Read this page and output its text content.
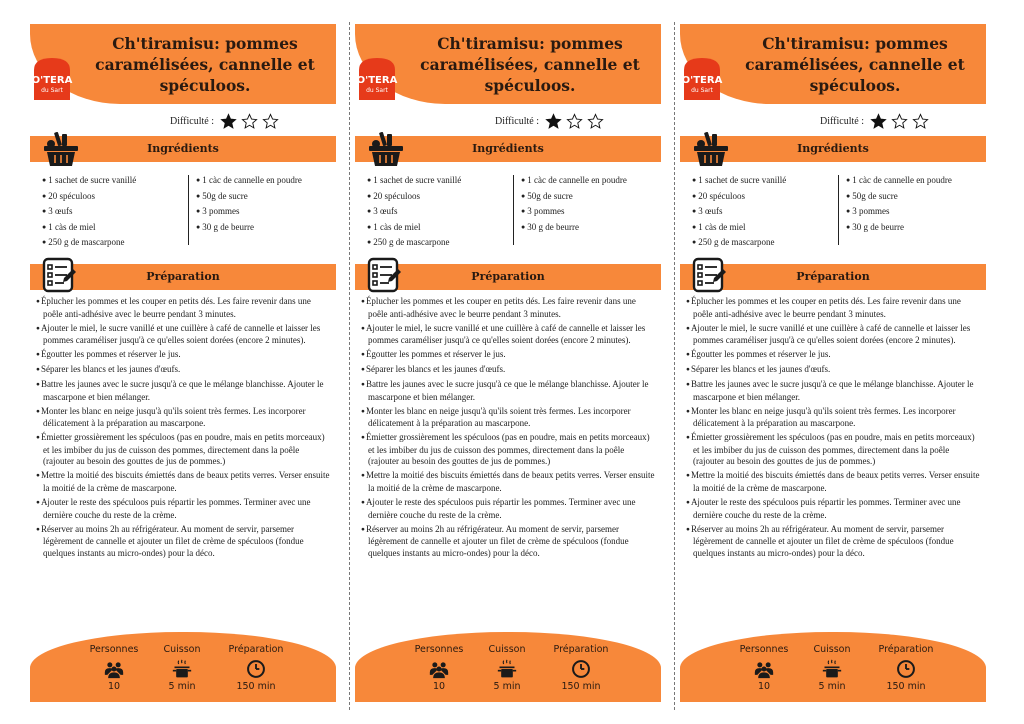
O'TERA
du Sart
Ch'tiramisu: pommes caramélisées, cannelle et spéculoos.
Difficulté :
Ingrédients
● 1 sachet de sucre vanillé
● 20 spéculoos
● 3 œufs
● 1 càs de miel
● 250 g de mascarpone
● 1 càc de cannelle en poudre
● 50g de sucre
● 3 pommes
● 30 g de beurre
Préparation
● Éplucher les pommes et les couper en petits dés. Les faire revenir dans une poêle anti-adhésive avec le beurre pendant 3 minutes.
● Ajouter le miel, le sucre vanillé et une cuillère à café de cannelle et laisser les pommes caraméliser jusqu'à ce qu'elles soient dorées (encore 2 minutes).
● Égoutter les pommes et réserver le jus.
● Séparer les blancs et les jaunes d'œufs.
● Battre les jaunes avec le sucre jusqu'à ce que le mélange blanchisse. Ajouter le mascarpone et bien mélanger.
● Monter les blanc en neige jusqu'à qu'ils soient très fermes. Les incorporer délicatement à la préparation au mascarpone.
● Émietter grossièrement les spéculoos (pas en poudre, mais en petits morceaux) et les imbiber du jus de cuisson des pommes, directement dans la poêle (rajouter au besoin des gouttes de jus de pommes.)
● Mettre la moitié des biscuits émiettés dans de beaux petits verres. Verser ensuite la moitié de la crème de mascarpone.
● Ajouter le reste des spéculoos puis répartir les pommes. Terminer avec une dernière couche du reste de la crème.
● Réserver au moins 2h au réfrigérateur. Au moment de servir, parsemer légèrement de cannelle et ajouter un filet de crème de spéculoos (fondue quelques instants au micro-ondes) pour la déco.
Personnes
10
Cuisson
5 min
Préparation
150 min
O'TERA
du Sart
Ch'tiramisu: pommes caramélisées, cannelle et spéculoos.
Difficulté :
Ingrédients
● 1 sachet de sucre vanillé
● 20 spéculoos
● 3 œufs
● 1 càs de miel
● 250 g de mascarpone
● 1 càc de cannelle en poudre
● 50g de sucre
● 3 pommes
● 30 g de beurre
Préparation
● Éplucher les pommes et les couper en petits dés. Les faire revenir dans une poêle anti-adhésive avec le beurre pendant 3 minutes.
● Ajouter le miel, le sucre vanillé et une cuillère à café de cannelle et laisser les pommes caraméliser jusqu'à ce qu'elles soient dorées (encore 2 minutes).
● Égoutter les pommes et réserver le jus.
● Séparer les blancs et les jaunes d'œufs.
● Battre les jaunes avec le sucre jusqu'à ce que le mélange blanchisse. Ajouter le mascarpone et bien mélanger.
● Monter les blanc en neige jusqu'à qu'ils soient très fermes. Les incorporer délicatement à la préparation au mascarpone.
● Émietter grossièrement les spéculoos (pas en poudre, mais en petits morceaux) et les imbiber du jus de cuisson des pommes, directement dans la poêle (rajouter au besoin des gouttes de jus de pommes.)
● Mettre la moitié des biscuits émiettés dans de beaux petits verres. Verser ensuite la moitié de la crème de mascarpone.
● Ajouter le reste des spéculoos puis répartir les pommes. Terminer avec une dernière couche du reste de la crème.
● Réserver au moins 2h au réfrigérateur. Au moment de servir, parsemer légèrement de cannelle et ajouter un filet de crème de spéculoos (fondue quelques instants au micro-ondes) pour la déco.
Personnes
10
Cuisson
5 min
Préparation
150 min
O'TERA
du Sart
Ch'tiramisu: pommes caramélisées, cannelle et spéculoos.
Difficulté :
Ingrédients
● 1 sachet de sucre vanillé
● 20 spéculoos
● 3 œufs
● 1 càs de miel
● 250 g de mascarpone
● 1 càc de cannelle en poudre
● 50g de sucre
● 3 pommes
● 30 g de beurre
Préparation
● Éplucher les pommes et les couper en petits dés. Les faire revenir dans une poêle anti-adhésive avec le beurre pendant 3 minutes.
● Ajouter le miel, le sucre vanillé et une cuillère à café de cannelle et laisser les pommes caraméliser jusqu'à ce qu'elles soient dorées (encore 2 minutes).
● Égoutter les pommes et réserver le jus.
● Séparer les blancs et les jaunes d'œufs.
● Battre les jaunes avec le sucre jusqu'à ce que le mélange blanchisse. Ajouter le mascarpone et bien mélanger.
● Monter les blanc en neige jusqu'à qu'ils soient très fermes. Les incorporer délicatement à la préparation au mascarpone.
● Émietter grossièrement les spéculoos (pas en poudre, mais en petits morceaux) et les imbiber du jus de cuisson des pommes, directement dans la poêle (rajouter au besoin des gouttes de jus de pommes.)
● Mettre la moitié des biscuits émiettés dans de beaux petits verres. Verser ensuite la moitié de la crème de mascarpone.
● Ajouter le reste des spéculoos puis répartir les pommes. Terminer avec une dernière couche du reste de la crème.
● Réserver au moins 2h au réfrigérateur. Au moment de servir, parsemer légèrement de cannelle et ajouter un filet de crème de spéculoos (fondue quelques instants au micro-ondes) pour la déco.
Personnes
10
Cuisson
5 min
Préparation
150 min
